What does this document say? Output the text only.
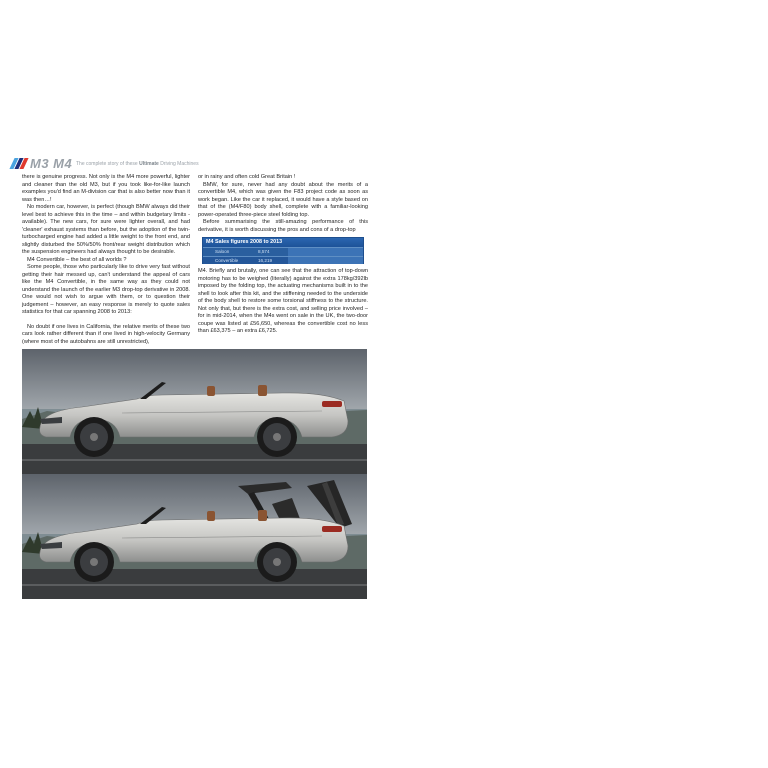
M3 M4 The complete story of these Ultimate Driving Machines

there is genuine progress. Not only is the M4 more powerful, lighter and cleaner than the old M3, but if you took like-for-like launch examples you'd find an M-division car that is also better now than it was then…!

No modern car, however, is perfect (though BMW always did their level best to achieve this in the time – and within budgetary limits -available). The new cars, for sure were lighter overall, and had 'cleaner' exhaust systems than before, but the adoption of the twin-turbocharged engine had added a little weight to the front end, and slightly disturbed the 50%/50% front/rear weight distribution which the suspension engineers had always thought to be desirable.

M4 Convertible – the best of all worlds ?

Some people, those who particularly like to drive very fast without getting their hair messed up, can't understand the appeal of cars like the M4 Convertible, in the same way as they could not understand the launch of the earlier M3 drop-top derivative in 2008. One would not wish to argue with them, or to question their judgement – however, an easy response is merely to quote sales statistics for that car spanning 2008 to 2013:

No doubt if one lives in California, the relative merits of these two cars look rather different than if one lived in high-velocity Germany (where most of the autobahns are still unrestricted),

or in rainy and often cold Great Britain !

BMW, for sure, never had any doubt about the merits of a convertible M4, which was given the F83 project code as soon as work began. Like the car it replaced, it would have a style based on that of the (M4/F80) body shell, complete with a familiar-looking power-operated three-piece steel folding top.

Before summarising the still-amazing performance of this derivative, it is worth discussing the pros and cons of a drop-top

M4 Sales figures 2008 to 2013
Saloon	8,574
Convertible	16,219

M4. Briefly and brutally, one can see that the attraction of top-down motoring has to be weighed (literally) against the extra 178kg/392lb imposed by the folding top, the actuating mechanisms built in to the shell to look after this kit, and the stiffening needed to the underside of the body shell to restore some torsional stiffness to the structure. Not only that, but there is the extra cost, and selling price involved – for in mid-2014, when the M4s went on sale in the UK, the two-door coupe was listed at £56,650, whereas the convertible cost no less than £63,375 – an extra £6,725.
